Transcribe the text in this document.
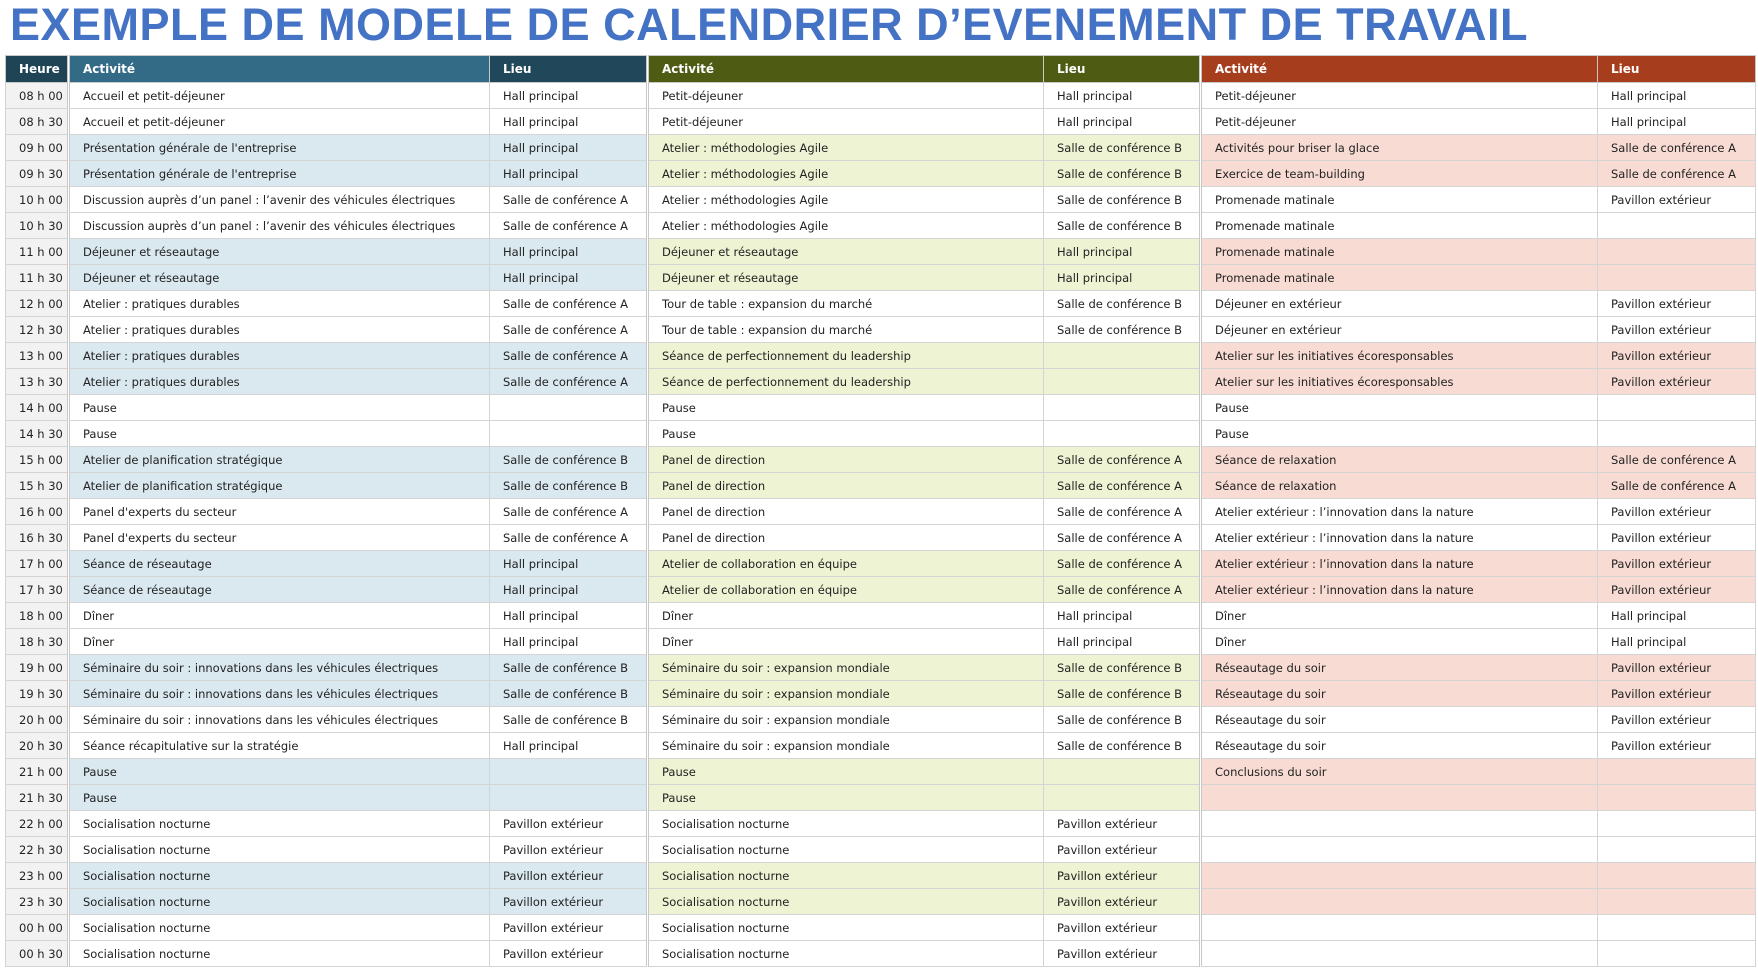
EXEMPLE DE MODELE DE CALENDRIER D’EVENEMENT DE TRAVAIL
Heure	Activité	Lieu	Activité	Lieu	Activité	Lieu
08 h 00	Accueil et petit-déjeuner	Hall principal	Petit-déjeuner	Hall principal	Petit-déjeuner	Hall principal
08 h 30	Accueil et petit-déjeuner	Hall principal	Petit-déjeuner	Hall principal	Petit-déjeuner	Hall principal
09 h 00	Présentation générale de l'entreprise	Hall principal	Atelier : méthodologies Agile	Salle de conférence B	Activités pour briser la glace	Salle de conférence A
09 h 30	Présentation générale de l'entreprise	Hall principal	Atelier : méthodologies Agile	Salle de conférence B	Exercice de team-building	Salle de conférence A
10 h 00	Discussion auprès d’un panel : l’avenir des véhicules électriques	Salle de conférence A	Atelier : méthodologies Agile	Salle de conférence B	Promenade matinale	Pavillon extérieur
10 h 30	Discussion auprès d’un panel : l’avenir des véhicules électriques	Salle de conférence A	Atelier : méthodologies Agile	Salle de conférence B	Promenade matinale	
11 h 00	Déjeuner et réseautage	Hall principal	Déjeuner et réseautage	Hall principal	Promenade matinale	
11 h 30	Déjeuner et réseautage	Hall principal	Déjeuner et réseautage	Hall principal	Promenade matinale	
12 h 00	Atelier : pratiques durables	Salle de conférence A	Tour de table : expansion du marché	Salle de conférence B	Déjeuner en extérieur	Pavillon extérieur
12 h 30	Atelier : pratiques durables	Salle de conférence A	Tour de table : expansion du marché	Salle de conférence B	Déjeuner en extérieur	Pavillon extérieur
13 h 00	Atelier : pratiques durables	Salle de conférence A	Séance de perfectionnement du leadership		Atelier sur les initiatives écoresponsables	Pavillon extérieur
13 h 30	Atelier : pratiques durables	Salle de conférence A	Séance de perfectionnement du leadership		Atelier sur les initiatives écoresponsables	Pavillon extérieur
14 h 00	Pause		Pause		Pause	
14 h 30	Pause		Pause		Pause	
15 h 00	Atelier de planification stratégique	Salle de conférence B	Panel de direction	Salle de conférence A	Séance de relaxation	Salle de conférence A
15 h 30	Atelier de planification stratégique	Salle de conférence B	Panel de direction	Salle de conférence A	Séance de relaxation	Salle de conférence A
16 h 00	Panel d'experts du secteur	Salle de conférence A	Panel de direction	Salle de conférence A	Atelier extérieur : l’innovation dans la nature	Pavillon extérieur
16 h 30	Panel d'experts du secteur	Salle de conférence A	Panel de direction	Salle de conférence A	Atelier extérieur : l’innovation dans la nature	Pavillon extérieur
17 h 00	Séance de réseautage	Hall principal	Atelier de collaboration en équipe	Salle de conférence A	Atelier extérieur : l’innovation dans la nature	Pavillon extérieur
17 h 30	Séance de réseautage	Hall principal	Atelier de collaboration en équipe	Salle de conférence A	Atelier extérieur : l’innovation dans la nature	Pavillon extérieur
18 h 00	Dîner	Hall principal	Dîner	Hall principal	Dîner	Hall principal
18 h 30	Dîner	Hall principal	Dîner	Hall principal	Dîner	Hall principal
19 h 00	Séminaire du soir : innovations dans les véhicules électriques	Salle de conférence B	Séminaire du soir : expansion mondiale	Salle de conférence B	Réseautage du soir	Pavillon extérieur
19 h 30	Séminaire du soir : innovations dans les véhicules électriques	Salle de conférence B	Séminaire du soir : expansion mondiale	Salle de conférence B	Réseautage du soir	Pavillon extérieur
20 h 00	Séminaire du soir : innovations dans les véhicules électriques	Salle de conférence B	Séminaire du soir : expansion mondiale	Salle de conférence B	Réseautage du soir	Pavillon extérieur
20 h 30	Séance récapitulative sur la stratégie	Hall principal	Séminaire du soir : expansion mondiale	Salle de conférence B	Réseautage du soir	Pavillon extérieur
21 h 00	Pause		Pause		Conclusions du soir	
21 h 30	Pause		Pause			
22 h 00	Socialisation nocturne	Pavillon extérieur	Socialisation nocturne	Pavillon extérieur		
22 h 30	Socialisation nocturne	Pavillon extérieur	Socialisation nocturne	Pavillon extérieur		
23 h 00	Socialisation nocturne	Pavillon extérieur	Socialisation nocturne	Pavillon extérieur		
23 h 30	Socialisation nocturne	Pavillon extérieur	Socialisation nocturne	Pavillon extérieur		
00 h 00	Socialisation nocturne	Pavillon extérieur	Socialisation nocturne	Pavillon extérieur		
00 h 30	Socialisation nocturne	Pavillon extérieur	Socialisation nocturne	Pavillon extérieur		
